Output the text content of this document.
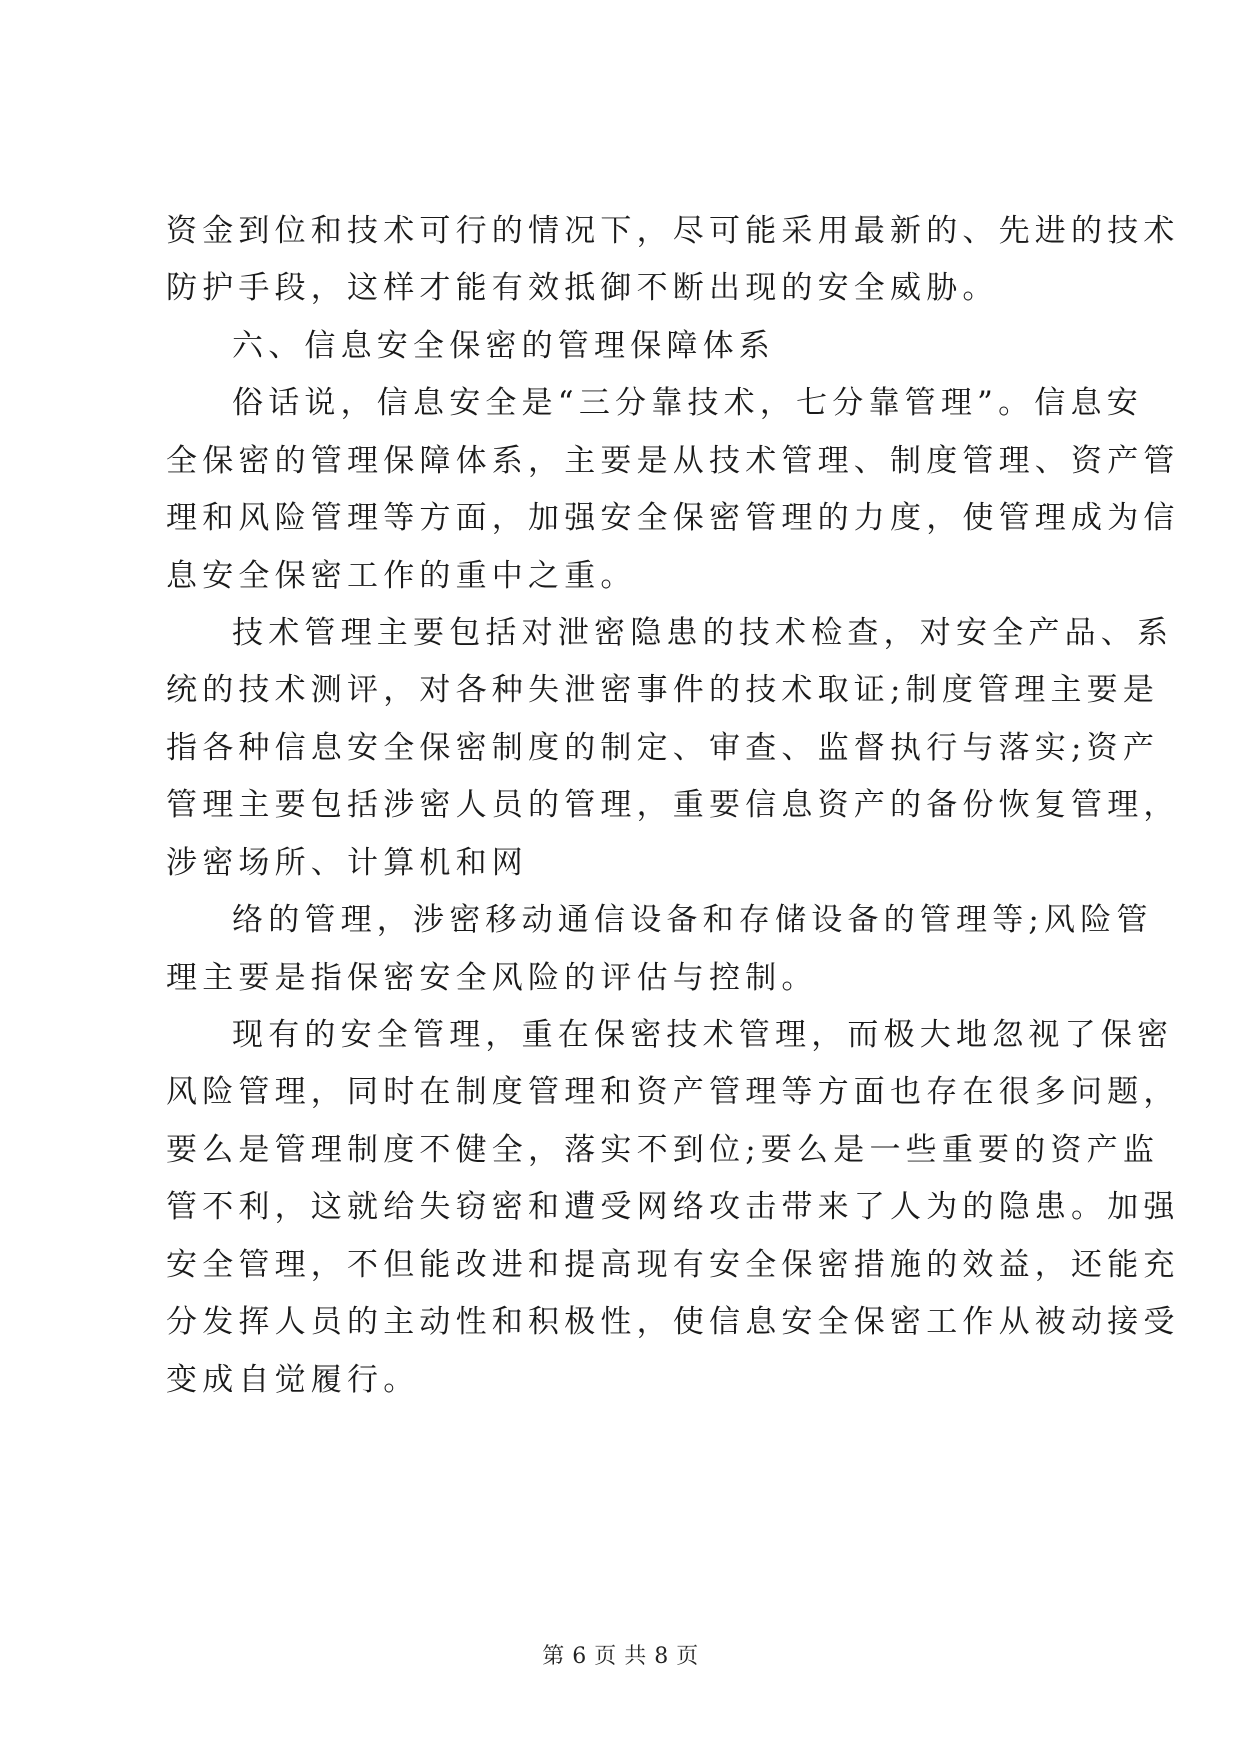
资金到位和技术可行的情况下，尽可能采用最新的、先进的技术
防护手段，这样才能有效抵御不断出现的安全威胁。
六、信息安全保密的管理保障体系
俗话说，信息安全是“三分靠技术，七分靠管理”。信息安
全保密的管理保障体系，主要是从技术管理、制度管理、资产管
理和风险管理等方面，加强安全保密管理的力度，使管理成为信
息安全保密工作的重中之重。
技术管理主要包括对泄密隐患的技术检查，对安全产品、系
统的技术测评，对各种失泄密事件的技术取证;制度管理主要是
指各种信息安全保密制度的制定、审查、监督执行与落实;资产
管理主要包括涉密人员的管理，重要信息资产的备份恢复管理，
涉密场所、计算机和网
络的管理，涉密移动通信设备和存储设备的管理等;风险管
理主要是指保密安全风险的评估与控制。
现有的安全管理，重在保密技术管理，而极大地忽视了保密
风险管理，同时在制度管理和资产管理等方面也存在很多问题，
要么是管理制度不健全，落实不到位;要么是一些重要的资产监
管不利，这就给失窃密和遭受网络攻击带来了人为的隐患。加强
安全管理，不但能改进和提高现有安全保密措施的效益，还能充
分发挥人员的主动性和积极性，使信息安全保密工作从被动接受
变成自觉履行。
第 6 页 共 8 页
